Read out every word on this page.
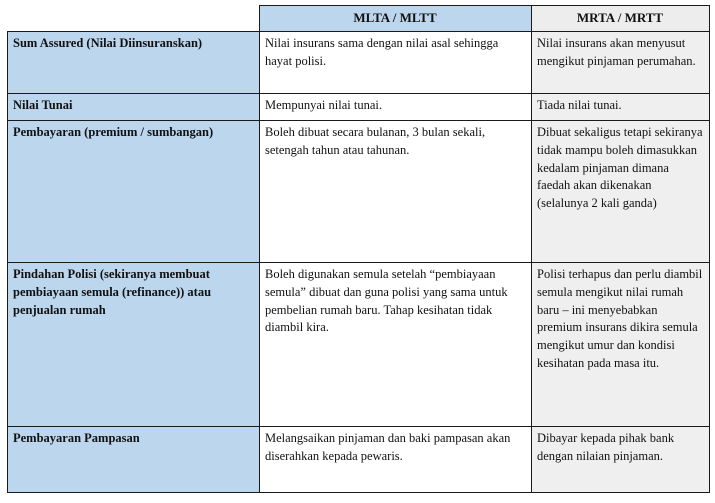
	MLTA / MLTT	MRTA / MRTT
Sum Assured (Nilai Diinsuranskan)	Nilai insurans sama dengan nilai asal sehingga hayat polisi.	Nilai insurans akan menyusut mengikut pinjaman perumahan.
Nilai Tunai	Mempunyai nilai tunai.	Tiada nilai tunai.
Pembayaran (premium / sumbangan)	Boleh dibuat secara bulanan, 3 bulan sekali, setengah tahun atau tahunan.	Dibuat sekaligus tetapi sekiranya tidak mampu boleh dimasukkan kedalam pinjaman dimana faedah akan dikenakan (selalunya 2 kali ganda)
Pindahan Polisi (sekiranya membuat pembiayaan semula (refinance)) atau penjualan rumah	Boleh digunakan semula setelah “pembiayaan semula” dibuat dan guna polisi yang sama untuk pembelian rumah baru. Tahap kesihatan tidak diambil kira.	Polisi terhapus dan perlu diambil semula mengikut nilai rumah baru – ini menyebabkan premium insurans dikira semula mengikut umur dan kondisi kesihatan pada masa itu.
Pembayaran Pampasan	Melangsaikan pinjaman dan baki pampasan akan diserahkan kepada pewaris.	Dibayar kepada pihak bank dengan nilaian pinjaman.
